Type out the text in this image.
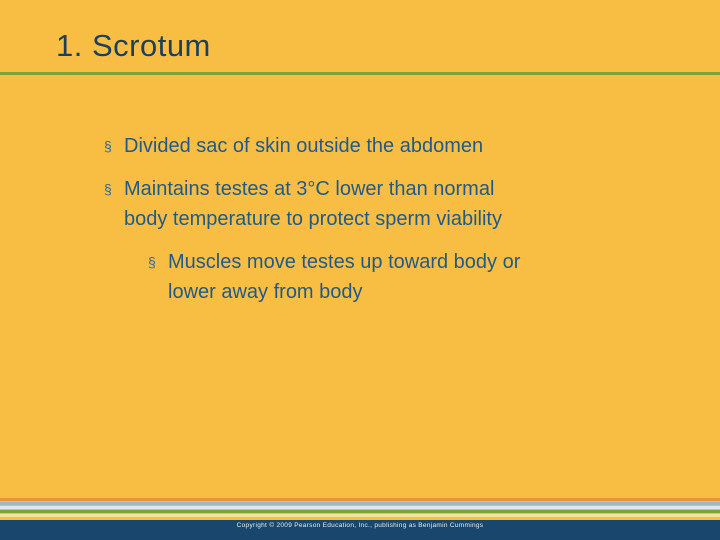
1. Scrotum
§ Divided sac of skin outside the abdomen
§ Maintains testes at 3°C lower than normal
body temperature to protect sperm viability
§ Muscles move testes up toward body or
lower away from body
Copyright © 2009 Pearson Education, Inc., publishing as Benjamin Cummings
